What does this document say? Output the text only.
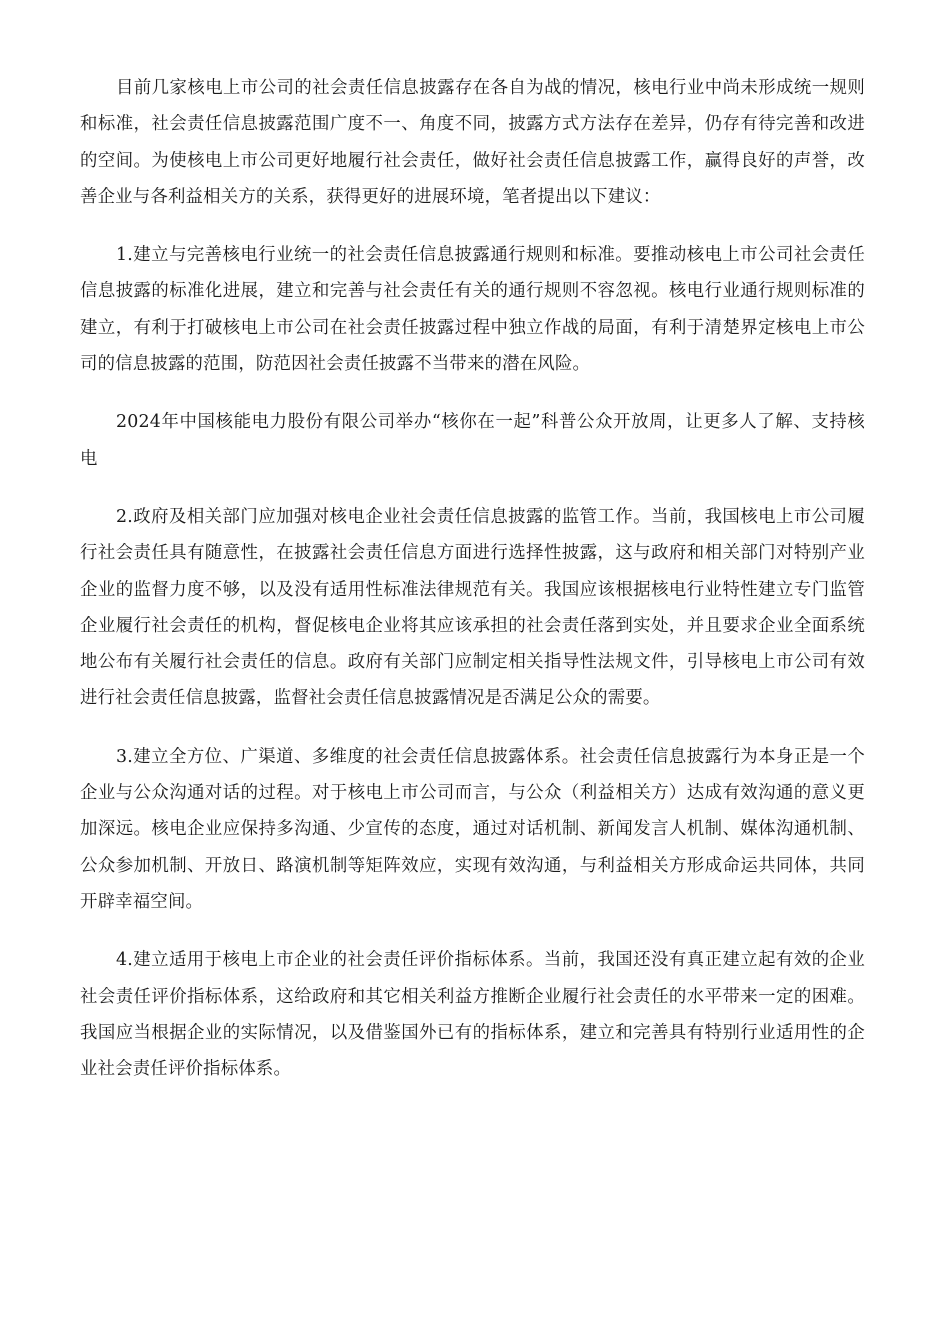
目前几家核电上市公司的社会责任信息披露存在各自为战的情况，核电行业中尚未形成统一规则和标准，社会责任信息披露范围广度不一、角度不同，披露方式方法存在差异，仍存有待完善和改进的空间。为使核电上市公司更好地履行社会责任，做好社会责任信息披露工作，赢得良好的声誉，改善企业与各利益相关方的关系，获得更好的进展环境，笔者提出以下建议：

1.建立与完善核电行业统一的社会责任信息披露通行规则和标准。要推动核电上市公司社会责任信息披露的标准化进展，建立和完善与社会责任有关的通行规则不容忽视。核电行业通行规则标准的建立，有利于打破核电上市公司在社会责任披露过程中独立作战的局面，有利于清楚界定核电上市公司的信息披露的范围，防范因社会责任披露不当带来的潜在风险。

2024年中国核能电力股份有限公司举办“核你在一起”科普公众开放周，让更多人了解、支持核电

2.政府及相关部门应加强对核电企业社会责任信息披露的监管工作。当前，我国核电上市公司履行社会责任具有随意性，在披露社会责任信息方面进行选择性披露，这与政府和相关部门对特别产业企业的监督力度不够，以及没有适用性标准法律规范有关。我国应该根据核电行业特性建立专门监管企业履行社会责任的机构，督促核电企业将其应该承担的社会责任落到实处，并且要求企业全面系统地公布有关履行社会责任的信息。政府有关部门应制定相关指导性法规文件，引导核电上市公司有效进行社会责任信息披露，监督社会责任信息披露情况是否满足公众的需要。

3.建立全方位、广渠道、多维度的社会责任信息披露体系。社会责任信息披露行为本身正是一个企业与公众沟通对话的过程。对于核电上市公司而言，与公众（利益相关方）达成有效沟通的意义更加深远。核电企业应保持多沟通、少宣传的态度，通过对话机制、新闻发言人机制、媒体沟通机制、公众参加机制、开放日、路演机制等矩阵效应，实现有效沟通，与利益相关方形成命运共同体，共同开辟幸福空间。

4.建立适用于核电上市企业的社会责任评价指标体系。当前，我国还没有真正建立起有效的企业社会责任评价指标体系，这给政府和其它相关利益方推断企业履行社会责任的水平带来一定的困难。我国应当根据企业的实际情况，以及借鉴国外已有的指标体系，建立和完善具有特别行业适用性的企业社会责任评价指标体系。
